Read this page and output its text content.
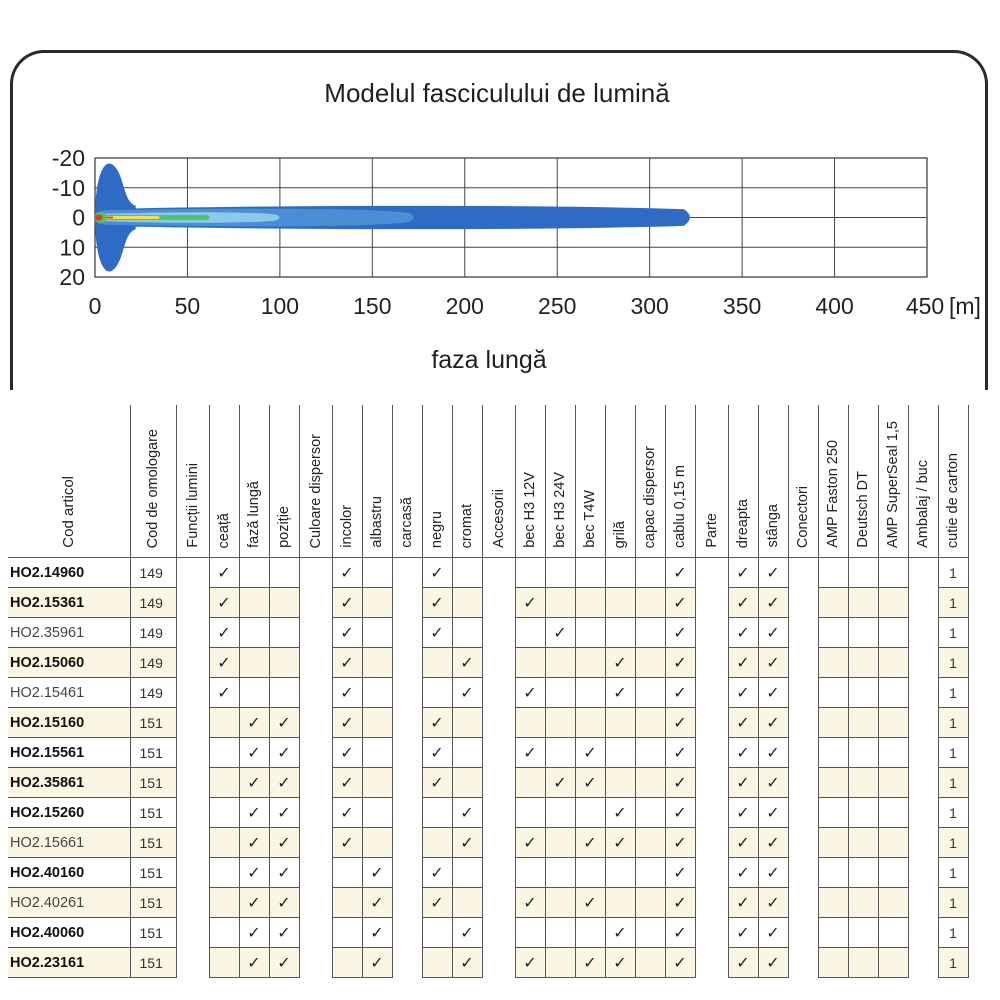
Modelul fasciculului de lumină
-20
-10
0
10
20
0	50	100 150 200 250 300 350 400 450 [m]
faza lungă
Cod articol	Cod de omologare	Funcții lumini	ceață	fază lungă	poziție	Culoare dispersor	incolor	albastru	carcasă	negru	cromat	Accesorii	bec H3 12V	bec H3 24V	bec T4W	grilă	capac dispersor	cablu 0,15 m	Parte	dreapta	stânga	Conectori	AMP Faston 250	Deutsch DT	AMP SuperSeal 1,5	Ambalaj / buc	cutie de carton
HO2.14960	149		✓				✓			✓								✓		✓	✓						1
HO2.15361	149		✓				✓			✓			✓					✓		✓	✓						1
HO2.35961	149		✓				✓			✓				✓				✓		✓	✓						1
HO2.15060	149		✓				✓				✓					✓		✓		✓	✓						1
HO2.15461	149		✓				✓				✓		✓			✓		✓		✓	✓						1
HO2.15160	151			✓	✓		✓			✓								✓		✓	✓						1
HO2.15561	151			✓	✓		✓			✓			✓		✓			✓		✓	✓						1
HO2.35861	151			✓	✓		✓			✓				✓	✓			✓		✓	✓						1
HO2.15260	151			✓	✓		✓				✓					✓		✓		✓	✓						1
HO2.15661	151			✓	✓		✓				✓		✓		✓	✓		✓		✓	✓						1
HO2.40160	151			✓	✓			✓		✓								✓		✓	✓						1
HO2.40261	151			✓	✓			✓		✓			✓		✓			✓		✓	✓						1
HO2.40060	151			✓	✓			✓			✓					✓		✓		✓	✓						1
HO2.23161	151			✓	✓			✓			✓		✓		✓	✓		✓		✓	✓						1
